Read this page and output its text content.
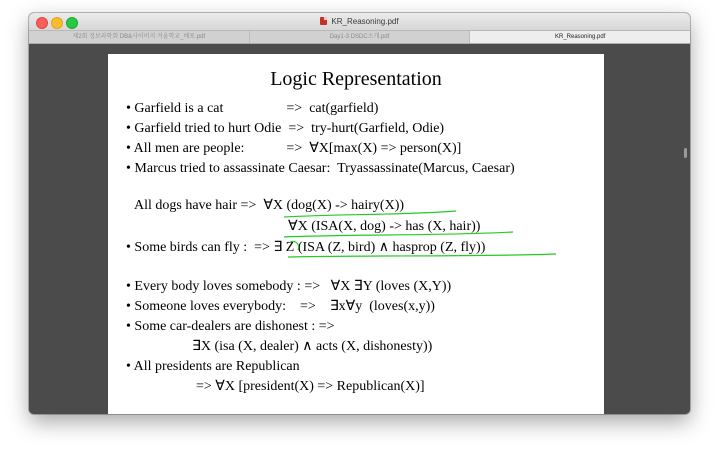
KR_Reasoning.pdf
제2회 정보과학회 DB&사이버지 겨울학교_배포.pdf	Day1-3 DSDC소개.pdf	KR_Reasoning.pdf
Logic Representation
• Garfield is a cat                  =>  cat(garfield)
• Garfield tried to hurt Odie  =>  try-hurt(Garfield, Odie)
• All men are people:            =>  ∀X[max(X) => person(X)]
• Marcus tried to assassinate Caesar:  Tryassassinate(Marcus, Caesar)
All dogs have hair =>  ∀X (dog(X) -> hairy(X))
∀X (ISA(X, dog) -> has (X, hair))
• Some birds can fly :  => ∃ Z (ISA (Z, bird) ∧ hasprop (Z, fly))
• Every body loves somebody : =>   ∀X ∃Y (loves (X,Y))
• Someone loves everybody:    =>    ∃x∀y  (loves(x,y))
• Some car-dealers are dishonest : =>
∃X (isa (X, dealer) ∧ acts (X, dishonesty))
• All presidents are Republican
=> ∀X [president(X) => Republican(X)]
